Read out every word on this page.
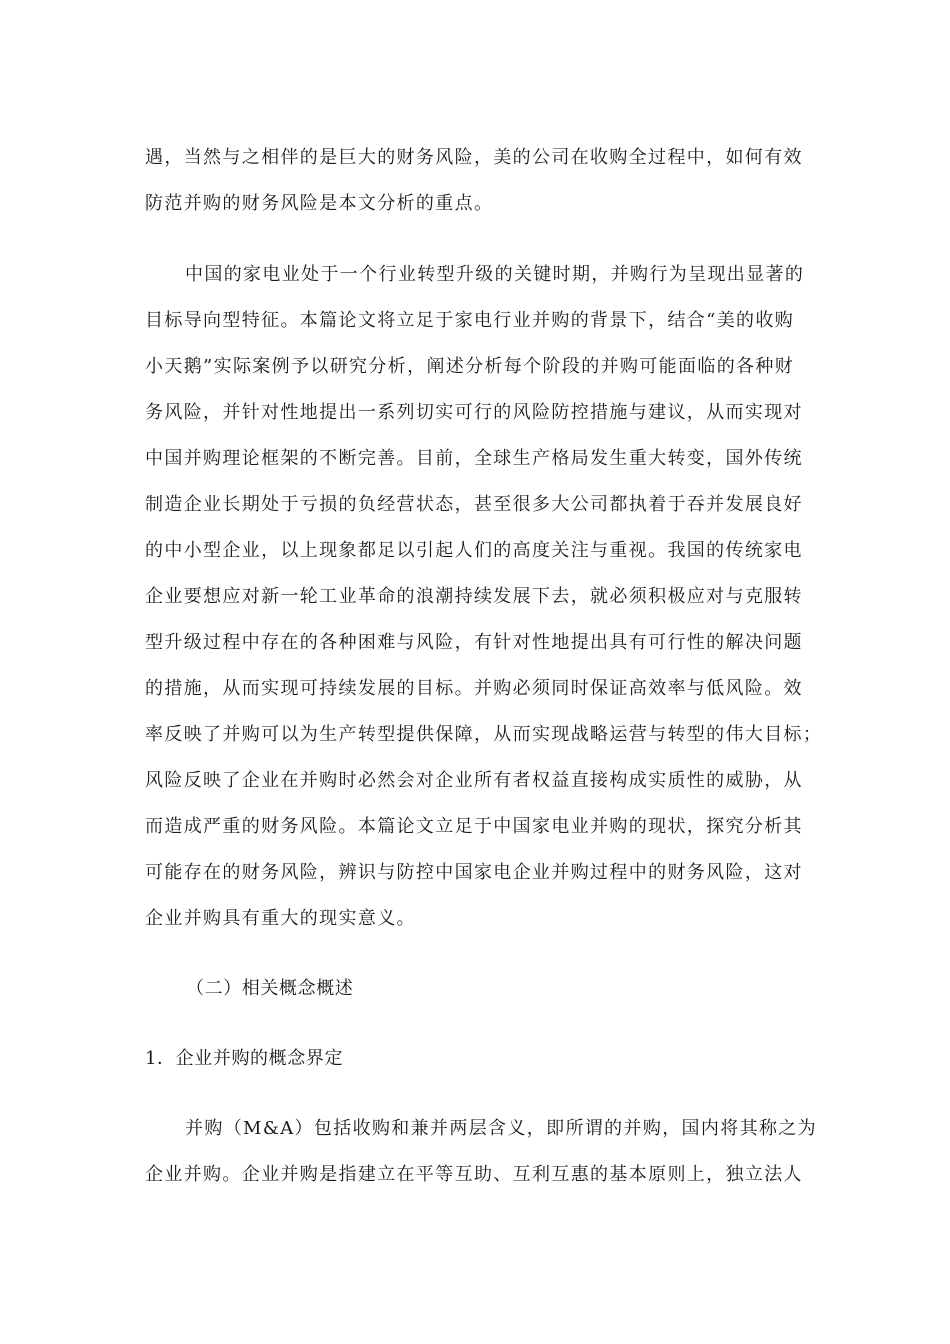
遇，当然与之相伴的是巨大的财务风险，美的公司在收购全过程中，如何有效
防范并购的财务风险是本文分析的重点。
中国的家电业处于一个行业转型升级的关键时期，并购行为呈现出显著的
目标导向型特征。本篇论文将立足于家电行业并购的背景下，结合“美的收购
小天鹅”实际案例予以研究分析，阐述分析每个阶段的并购可能面临的各种财
务风险，并针对性地提出一系列切实可行的风险防控措施与建议，从而实现对
中国并购理论框架的不断完善。目前，全球生产格局发生重大转变，国外传统
制造企业长期处于亏损的负经营状态，甚至很多大公司都执着于吞并发展良好
的中小型企业，以上现象都足以引起人们的高度关注与重视。我国的传统家电
企业要想应对新一轮工业革命的浪潮持续发展下去，就必须积极应对与克服转
型升级过程中存在的各种困难与风险，有针对性地提出具有可行性的解决问题
的措施，从而实现可持续发展的目标。并购必须同时保证高效率与低风险。效
率反映了并购可以为生产转型提供保障，从而实现战略运营与转型的伟大目标；
风险反映了企业在并购时必然会对企业所有者权益直接构成实质性的威胁，从
而造成严重的财务风险。本篇论文立足于中国家电业并购的现状，探究分析其
可能存在的财务风险，辨识与防控中国家电企业并购过程中的财务风险，这对
企业并购具有重大的现实意义。
（二）相关概念概述
1．企业并购的概念界定
并购（M&A）包括收购和兼并两层含义，即所谓的并购，国内将其称之为
企业并购。企业并购是指建立在平等互助、互利互惠的基本原则上，独立法人
